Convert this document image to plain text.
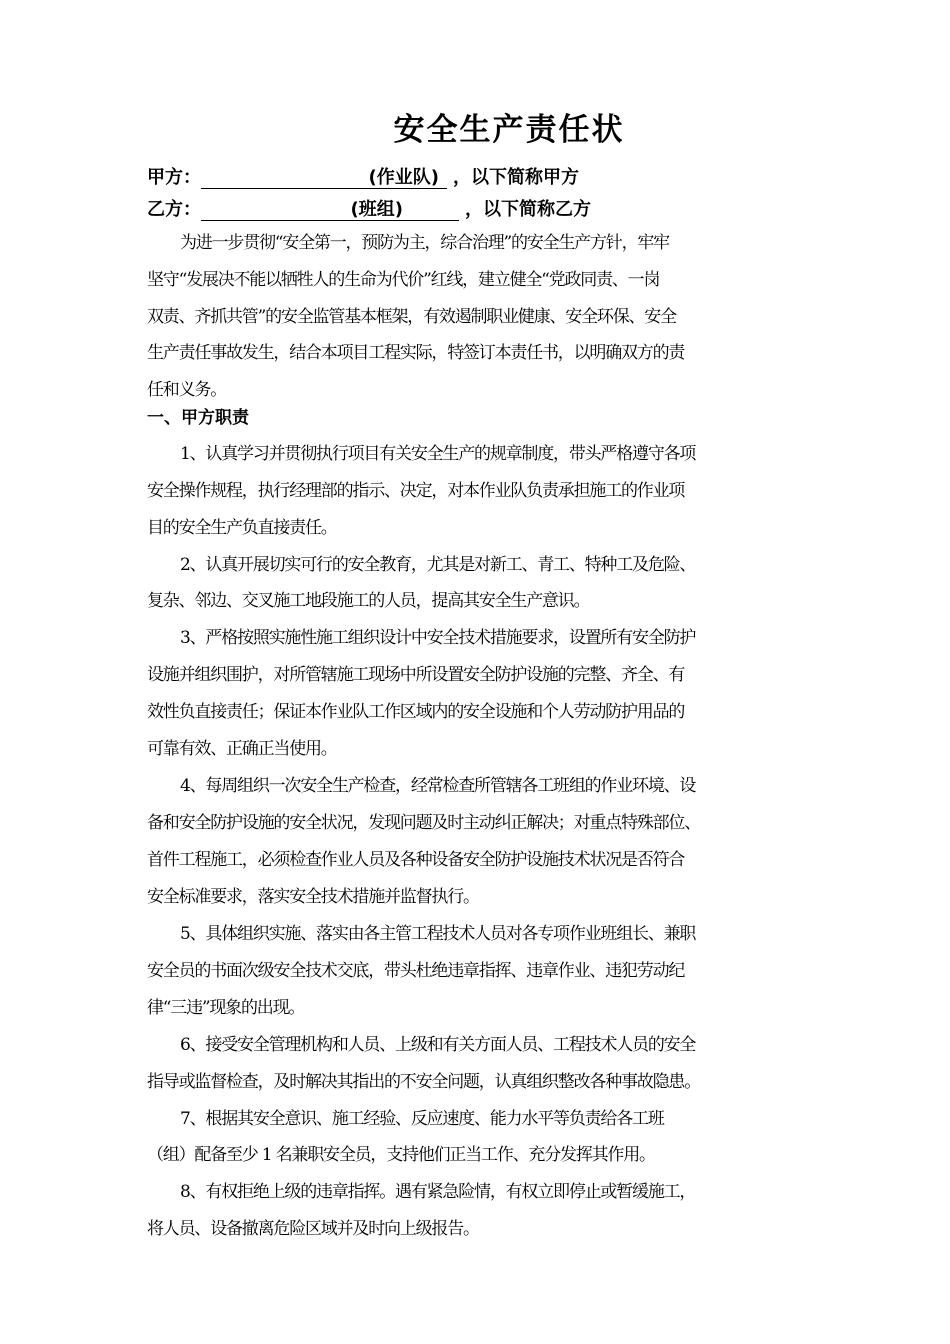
安全生产责任状
甲方：	(作业队) ，以下简称甲方
乙方：	(班组)	，以下简称乙方
为进一步贯彻“安全第一，预防为主，综合治理”的安全生产方针，牢牢
坚守“发展决不能以牺牲人的生命为代价”红线，建立健全“党政同责、一岗
双责、齐抓共管”的安全监管基本框架，有效遏制职业健康、安全环保、安全
生产责任事故发生，结合本项目工程实际，特签订本责任书，以明确双方的责
任和义务。
一、甲方职责
1、认真学习并贯彻执行项目有关安全生产的规章制度，带头严格遵守各项
安全操作规程，执行经理部的指示、决定，对本作业队负责承担施工的作业项
目的安全生产负直接责任。
2、认真开展切实可行的安全教育，尤其是对新工、青工、特种工及危险、
复杂、邻边、交叉施工地段施工的人员，提高其安全生产意识。
3、严格按照实施性施工组织设计中安全技术措施要求，设置所有安全防护
设施并组织围护，对所管辖施工现场中所设置安全防护设施的完整、齐全、有
效性负直接责任；保证本作业队工作区域内的安全设施和个人劳动防护用品的
可靠有效、正确正当使用。
4、每周组织一次安全生产检查，经常检查所管辖各工班组的作业环境、设
备和安全防护设施的安全状况，发现问题及时主动纠正解决；对重点特殊部位、
首件工程施工，必须检查作业人员及各种设备安全防护设施技术状况是否符合
安全标准要求，落实安全技术措施并监督执行。
5、具体组织实施、落实由各主管工程技术人员对各专项作业班组长、兼职
安全员的书面次级安全技术交底，带头杜绝违章指挥、违章作业、违犯劳动纪
律“三违”现象的出现。
6、接受安全管理机构和人员、上级和有关方面人员、工程技术人员的安全
指导或监督检查，及时解决其指出的不安全问题，认真组织整改各种事故隐患。
7、根据其安全意识、施工经验、反应速度、能力水平等负责给各工班
（组）配备至少 1 名兼职安全员，支持他们正当工作、充分发挥其作用。
8、有权拒绝上级的违章指挥。遇有紧急险情，有权立即停止或暂缓施工，
将人员、设备撤离危险区域并及时向上级报告。
